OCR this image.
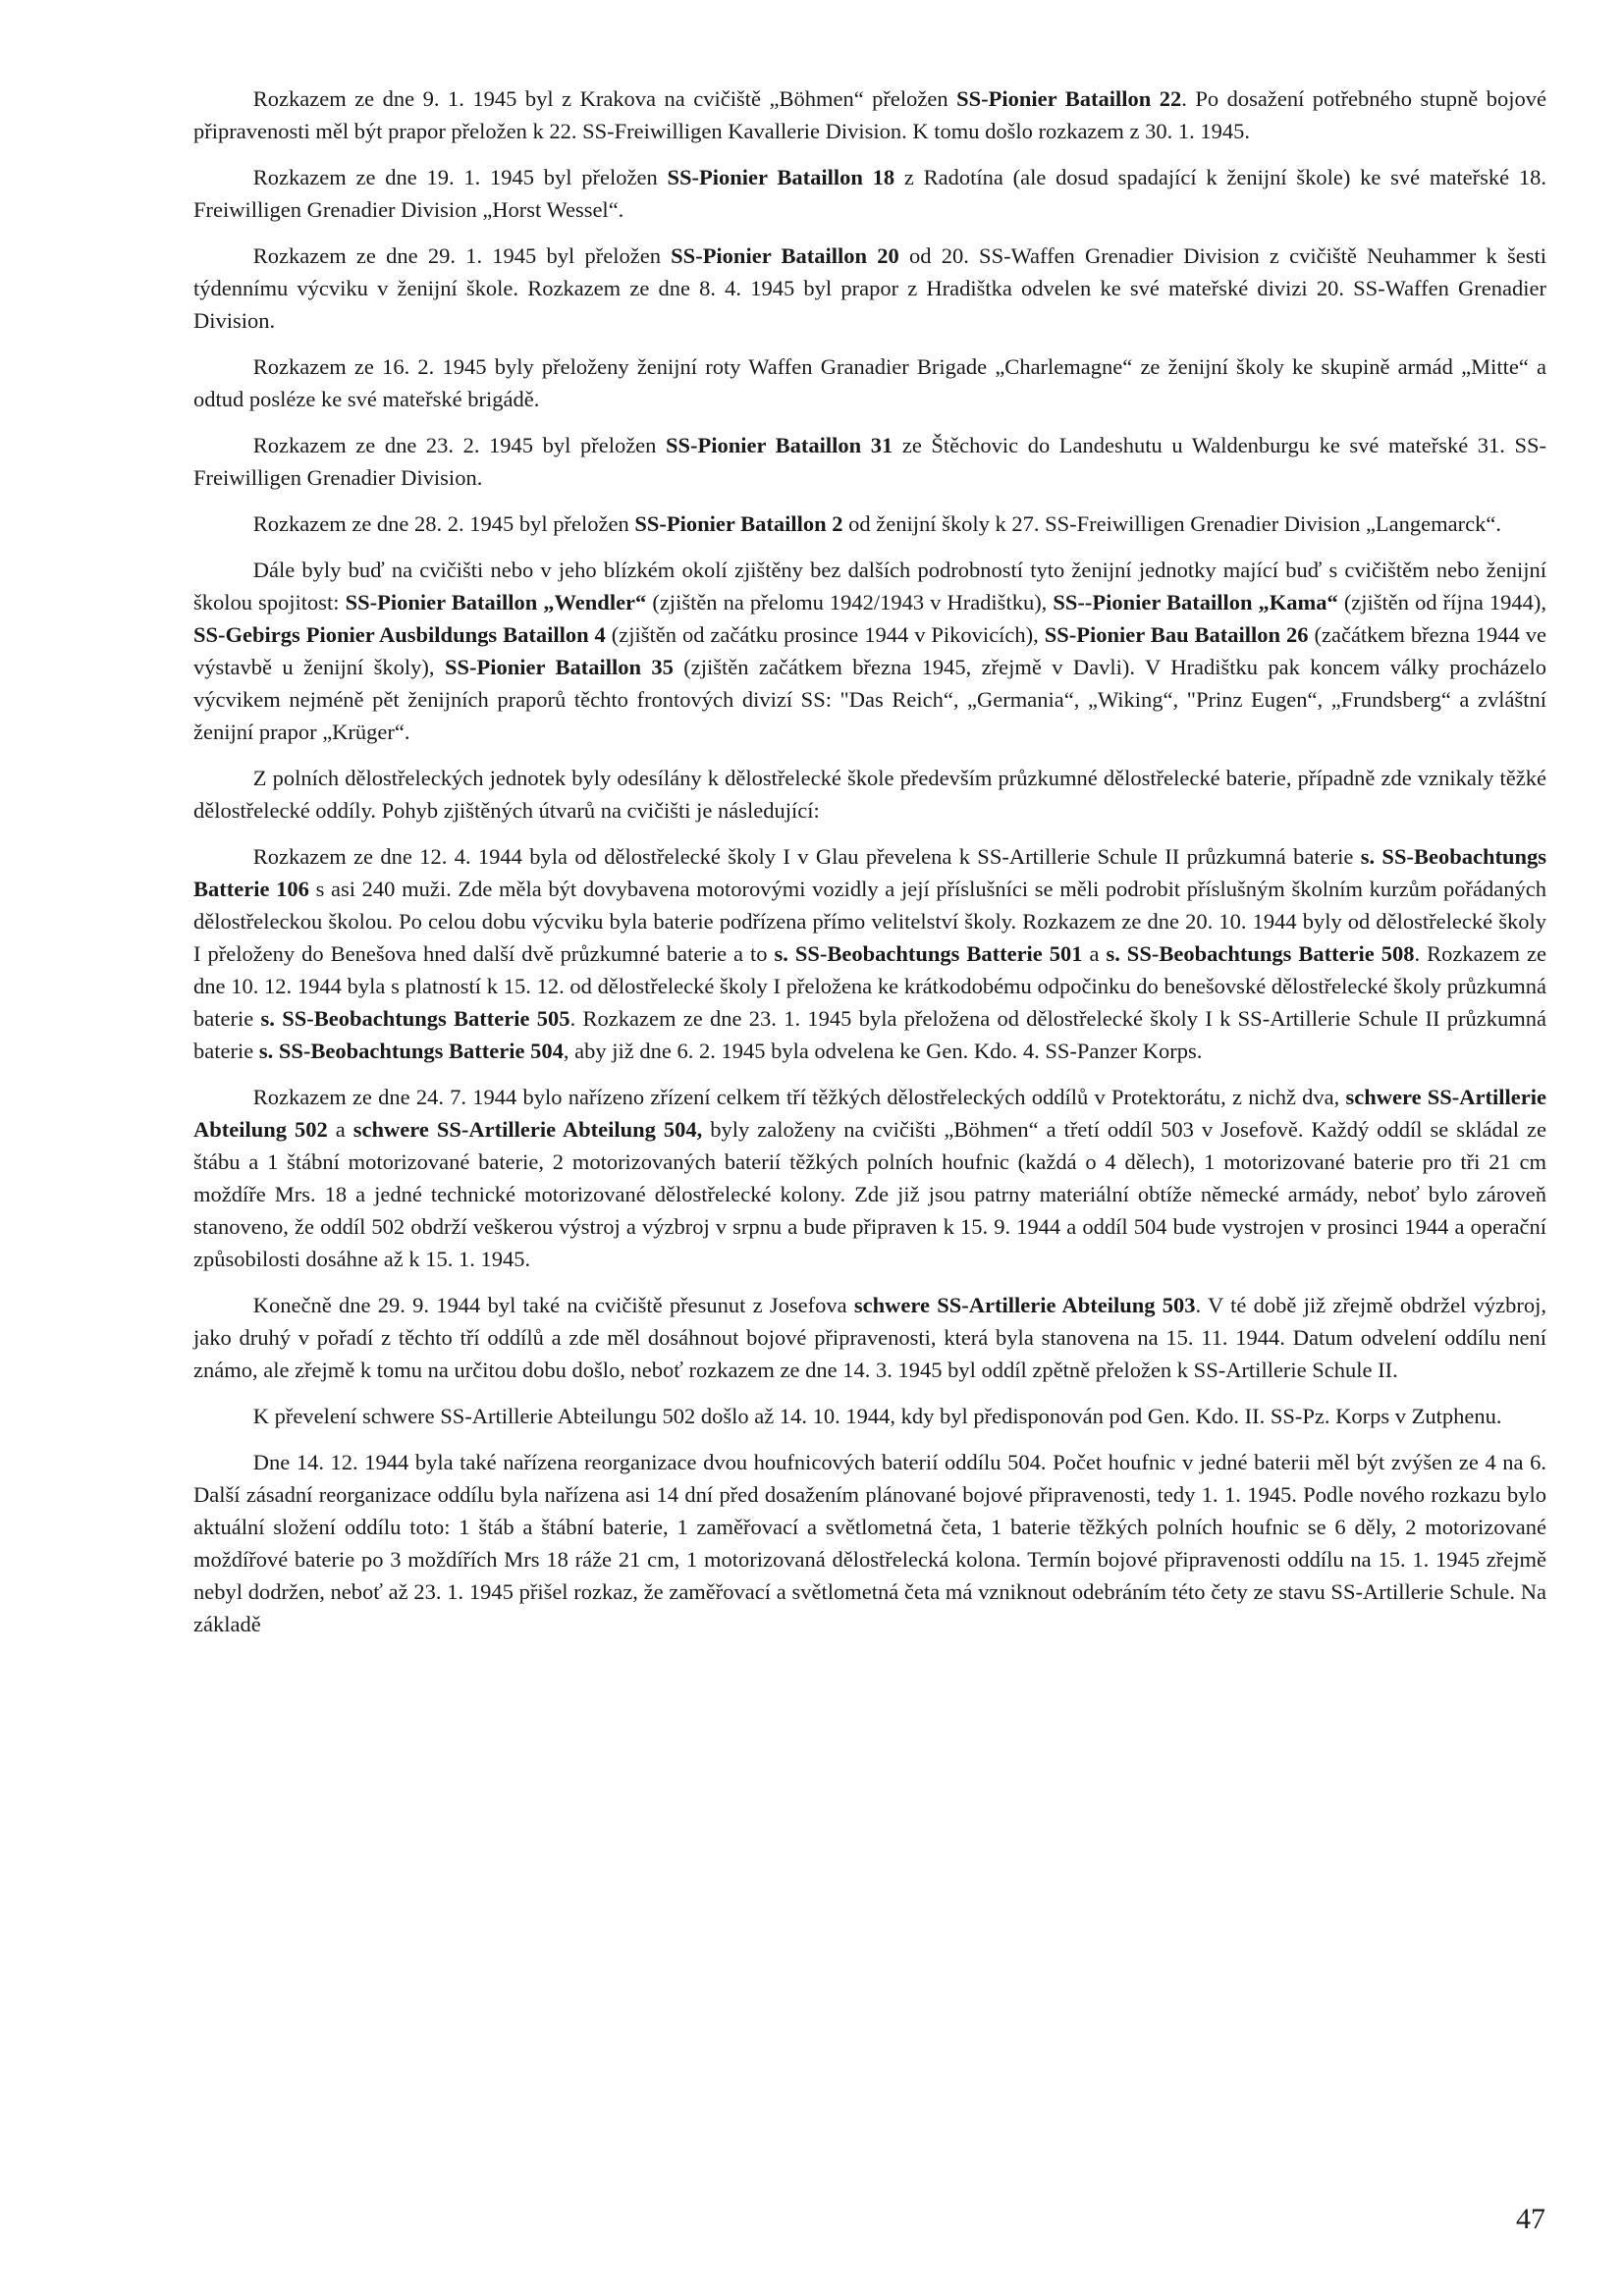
Rozkazem ze dne 9. 1. 1945 byl z Krakova na cvičiště „Böhmen“ přeložen SS-Pionier Bataillon 22. Po dosažení potřebného stupně bojové připravenosti měl být prapor přeložen k 22. SS-Freiwilligen Kavallerie Division. K tomu došlo rozkazem z 30. 1. 1945.

Rozkazem ze dne 19. 1. 1945 byl přeložen SS-Pionier Bataillon 18 z Radotína (ale dosud spadající k ženijní škole) ke své mateřské 18. Freiwilligen Grenadier Division „Horst Wessel“.

Rozkazem ze dne 29. 1. 1945 byl přeložen SS-Pionier Bataillon 20 od 20. SS-Waffen Grenadier Division z cvičiště Neuhammer k šesti týdennímu výcviku v ženijní škole. Rozkazem ze dne 8. 4. 1945 byl prapor z Hradištka odvelen ke své mateřské divizi 20. SS-Waffen Grenadier Division.

Rozkazem ze 16. 2. 1945 byly přeloženy ženijní roty Waffen Granadier Brigade „Charlemagne“ ze ženijní školy ke skupině armád „Mitte“ a odtud posléze ke své mateřské brigádě.

Rozkazem ze dne 23. 2. 1945 byl přeložen SS-Pionier Bataillon 31 ze Štěchovic do Landeshutu u Waldenburgu ke své mateřské 31. SS-Freiwilligen Grenadier Division.

Rozkazem ze dne 28. 2. 1945 byl přeložen SS-Pionier Bataillon 2 od ženijní školy k 27. SS-Freiwilligen Grenadier Division „Langemarck“.

Dále byly buď na cvičišti nebo v jeho blízkém okolí zjištěny bez dalších podrobností tyto ženijní jednotky mající buď s cvičištěm nebo ženijní školou spojitost: SS-Pionier Bataillon „Wendler“ (zjištěn na přelomu 1942/1943 v Hradištku), SS--Pionier Bataillon „Kama“ (zjištěn od října 1944), SS-Gebirgs Pionier Ausbildungs Bataillon 4 (zjištěn od začátku prosince 1944 v Pikovicích), SS-Pionier Bau Bataillon 26 (začátkem března 1944 ve výstavbě u ženijní školy), SS-Pionier Bataillon 35 (zjištěn začátkem března 1945, zřejmě v Davli). V Hradištku pak koncem války procházelo výcvikem nejméně pět ženijních praporů těchto frontových divizí SS: "Das Reich“, „Germania“, „Wiking“, "Prinz Eugen“, „Frundsberg“ a zvláštní ženijní prapor „Krüger“.

Z polních dělostřeleckých jednotek byly odesílány k dělostřelecké škole především průzkumné dělostřelecké baterie, případně zde vznikaly těžké dělostřelecké oddíly. Pohyb zjištěných útvarů na cvičišti je následující:

Rozkazem ze dne 12. 4. 1944 byla od dělostřelecké školy I v Glau převelena k SS-Artillerie Schule II průzkumná baterie s. SS-Beobachtungs Batterie 106 s asi 240 muži. Zde měla být dovybavena motorovými vozidly a její příslušníci se měli podrobit příslušným školním kurzům pořádaných dělostřeleckou školou. Po celou dobu výcviku byla baterie podřízena přímo velitelství školy. Rozkazem ze dne 20. 10. 1944 byly od dělostřelecké školy I přeloženy do Benešova hned další dvě průzkumné baterie a to s. SS-Beobachtungs Batterie 501 a s. SS-Beobachtungs Batterie 508. Rozkazem ze dne 10. 12. 1944 byla s platností k 15. 12. od dělostřelecké školy I přeložena ke krátkodobému odpočinku do benešovské dělostřelecké školy průzkumná baterie s. SS-Beobachtungs Batterie 505. Rozkazem ze dne 23. 1. 1945 byla přeložena od dělostřelecké školy I k SS-Artillerie Schule II průzkumná baterie s. SS-Beobachtungs Batterie 504, aby již dne 6. 2. 1945 byla odvelena ke Gen. Kdo. 4. SS-Panzer Korps.

Rozkazem ze dne 24. 7. 1944 bylo nařízeno zřízení celkem tří těžkých dělostřeleckých oddílů v Protektorátu, z nichž dva, schwere SS-Artillerie Abteilung 502 a schwere SS-Artillerie Abteilung 504, byly založeny na cvičišti „Böhmen“ a třetí oddíl 503 v Josefově. Každý oddíl se skládal ze štábu a 1 štábní motorizované baterie, 2 motorizovaných baterií těžkých polních houfnic (každá o 4 dělech), 1 motorizované baterie pro tři 21 cm moždíře Mrs. 18 a jedné technické motorizované dělostřelecké kolony. Zde již jsou patrny materiální obtíže německé armády, neboť bylo zároveň stanoveno, že oddíl 502 obdrží veškerou výstroj a výzbroj v srpnu a bude připraven k 15. 9. 1944 a oddíl 504 bude vystrojen v prosinci 1944 a operační způsobilosti dosáhne až k 15. 1. 1945.

Konečně dne 29. 9. 1944 byl také na cvičiště přesunut z Josefova schwere SS-Artillerie Abteilung 503. V té době již zřejmě obdržel výzbroj, jako druhý v pořadí z těchto tří oddílů a zde měl dosáhnout bojové připravenosti, která byla stanovena na 15. 11. 1944. Datum odvelení oddílu není známo, ale zřejmě k tomu na určitou dobu došlo, neboť rozkazem ze dne 14. 3. 1945 byl oddíl zpětně přeložen k SS-Artillerie Schule II.

K převelení schwere SS-Artillerie Abteilungu 502 došlo až 14. 10. 1944, kdy byl předisponován pod Gen. Kdo. II. SS-Pz. Korps v Zutphenu.

Dne 14. 12. 1944 byla také nařízena reorganizace dvou houfnicových baterií oddílu 504. Počet houfnic v jedné baterii měl být zvýšen ze 4 na 6. Další zásadní reorganizace oddílu byla nařízena asi 14 dní před dosažením plánované bojové připravenosti, tedy 1. 1. 1945. Podle nového rozkazu bylo aktuální složení oddílu toto: 1 štáb a štábní baterie, 1 zaměřovací a světlometná četa, 1 baterie těžkých polních houfnic se 6 děly, 2 motorizované moždířové baterie po 3 moždířích Mrs 18 ráže 21 cm, 1 motorizovaná dělostřelecká kolona. Termín bojové připravenosti oddílu na 15. 1. 1945 zřejmě nebyl dodržen, neboť až 23. 1. 1945 přišel rozkaz, že zaměřovací a světlometná četa má vzniknout odebráním této čety ze stavu SS-Artillerie Schule. Na základě

47
